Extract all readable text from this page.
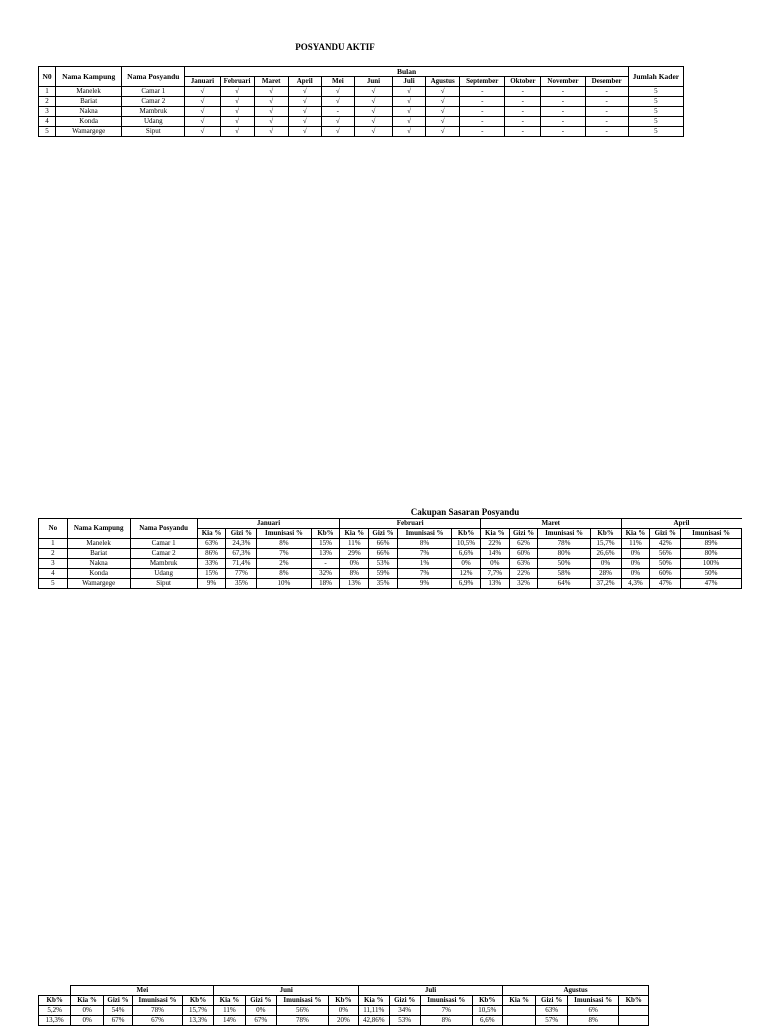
POSYANDU AKTIF
N0	Nama Kampung	Nama Posyandu	Bulan												Jumlah Kader
			Januari	Februari	Maret	April	Mei	Juni	Juli	Agustus	September	Oktober	November	Desember	
1	Manelek	Camar 1	√	√	√	√	√	√	√	√	-	-	-	-	5
2	Bariat	Camar 2	√	√	√	√	√	√	√	√	-	-	-	-	5
3	Nakna	Mambruk	√	√	√	√	-	√	√	√	-	-	-	-	5
4	Konda	Udang	√	√	√	√	√	√	√	√	-	-	-	-	5
5	Wamargege	Siput	√	√	√	√	√	√	√	√	-	-	-	-	5
Cakupan Sasaran Posyandu
No	Nama Kampung	Nama Posyandu	Januari				Februari				Maret				April		
			Kia %	Gizi %	Imunisasi %	Kb%	Kia %	Gizi %	Imunisasi %	Kb%	Kia %	Gizi %	Imunisasi %	Kb%	Kia %	Gizi %	Imunisasi %
1	Manelek	Camar 1	63%	24,3%	8%	15%	11%	66%	8%	10,5%	22%	62%	78%	15,7%	11%	42%	89%
2	Bariat	Camar 2	86%	67,3%	7%	13%	29%	66%	7%	6,6%	14%	60%	80%	26,6%	0%	56%	80%
3	Nakna	Mambruk	33%	71,4%	2%	-	0%	53%	1%	0%	0%	63%	50%	0%	0%	50%	100%
4	Konda	Udang	15%	77%	8%	32%	8%	59%	7%	12%	7,7%	22%	58%	28%	0%	60%	50%
5	Wamargege	Siput	9%	35%	10%	18%	13%	35%	9%	6,9%	13%	32%	64%	37,2%	4,3%	47%	47%
	Mei				Juni				Juli				Agustus			
Kb%	Kia %	Gizi %	Imunisasi %	Kb%	Kia %	Gizi %	Imunisasi %	Kb%	Kia %	Gizi %	Imunisasi %	Kb%	Kia %	Gizi %	Imunisasi %	Kb%
5,2%	0%	54%	78%	15,7%	11%	0%	56%	0%	11,11%	34%	7%	10,5%		63%	6%	
13,3%	0%	67%	67%	13,3%	14%	67%	78%	20%	42,86%	53%	8%	6,6%		57%	8%	
